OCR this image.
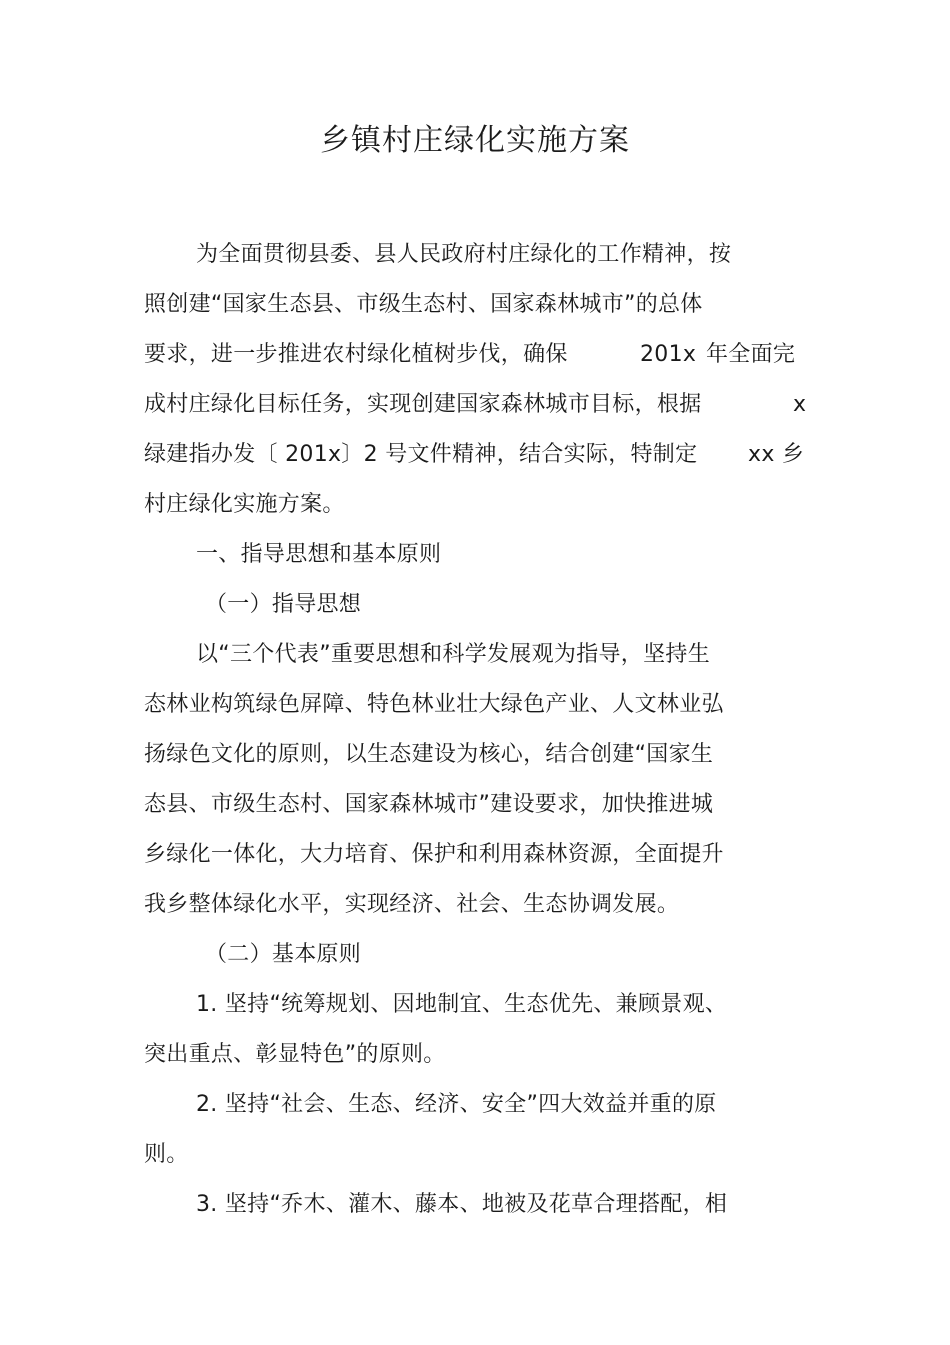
乡镇村庄绿化实施方案
为全面贯彻县委、县人民政府村庄绿化的工作精神，按
照创建“国家生态县、市级生态村、国家森林城市”的总体
要求，进一步推进农村绿化植树步伐，确保	201x 年全面完
成村庄绿化目标任务，实现创建国家森林城市目标，根据	x
绿建指办发〔 201x〕2 号文件精神，结合实际，特制定 xx 乡
村庄绿化实施方案。
一、指导思想和基本原则
（一）指导思想
以“三个代表”重要思想和科学发展观为指导，坚持生
态林业构筑绿色屏障、特色林业壮大绿色产业、人文林业弘
扬绿色文化的原则，以生态建设为核心，结合创建“国家生
态县、市级生态村、国家森林城市”建设要求，加快推进城
乡绿化一体化，大力培育、保护和利用森林资源，全面提升
我乡整体绿化水平，实现经济、社会、生态协调发展。
（二）基本原则
1. 坚持“统筹规划、因地制宜、生态优先、兼顾景观、
突出重点、彰显特色”的原则。
2. 坚持“社会、生态、经济、安全”四大效益并重的原
则。
3. 坚持“乔木、灌木、藤本、地被及花草合理搭配，相
